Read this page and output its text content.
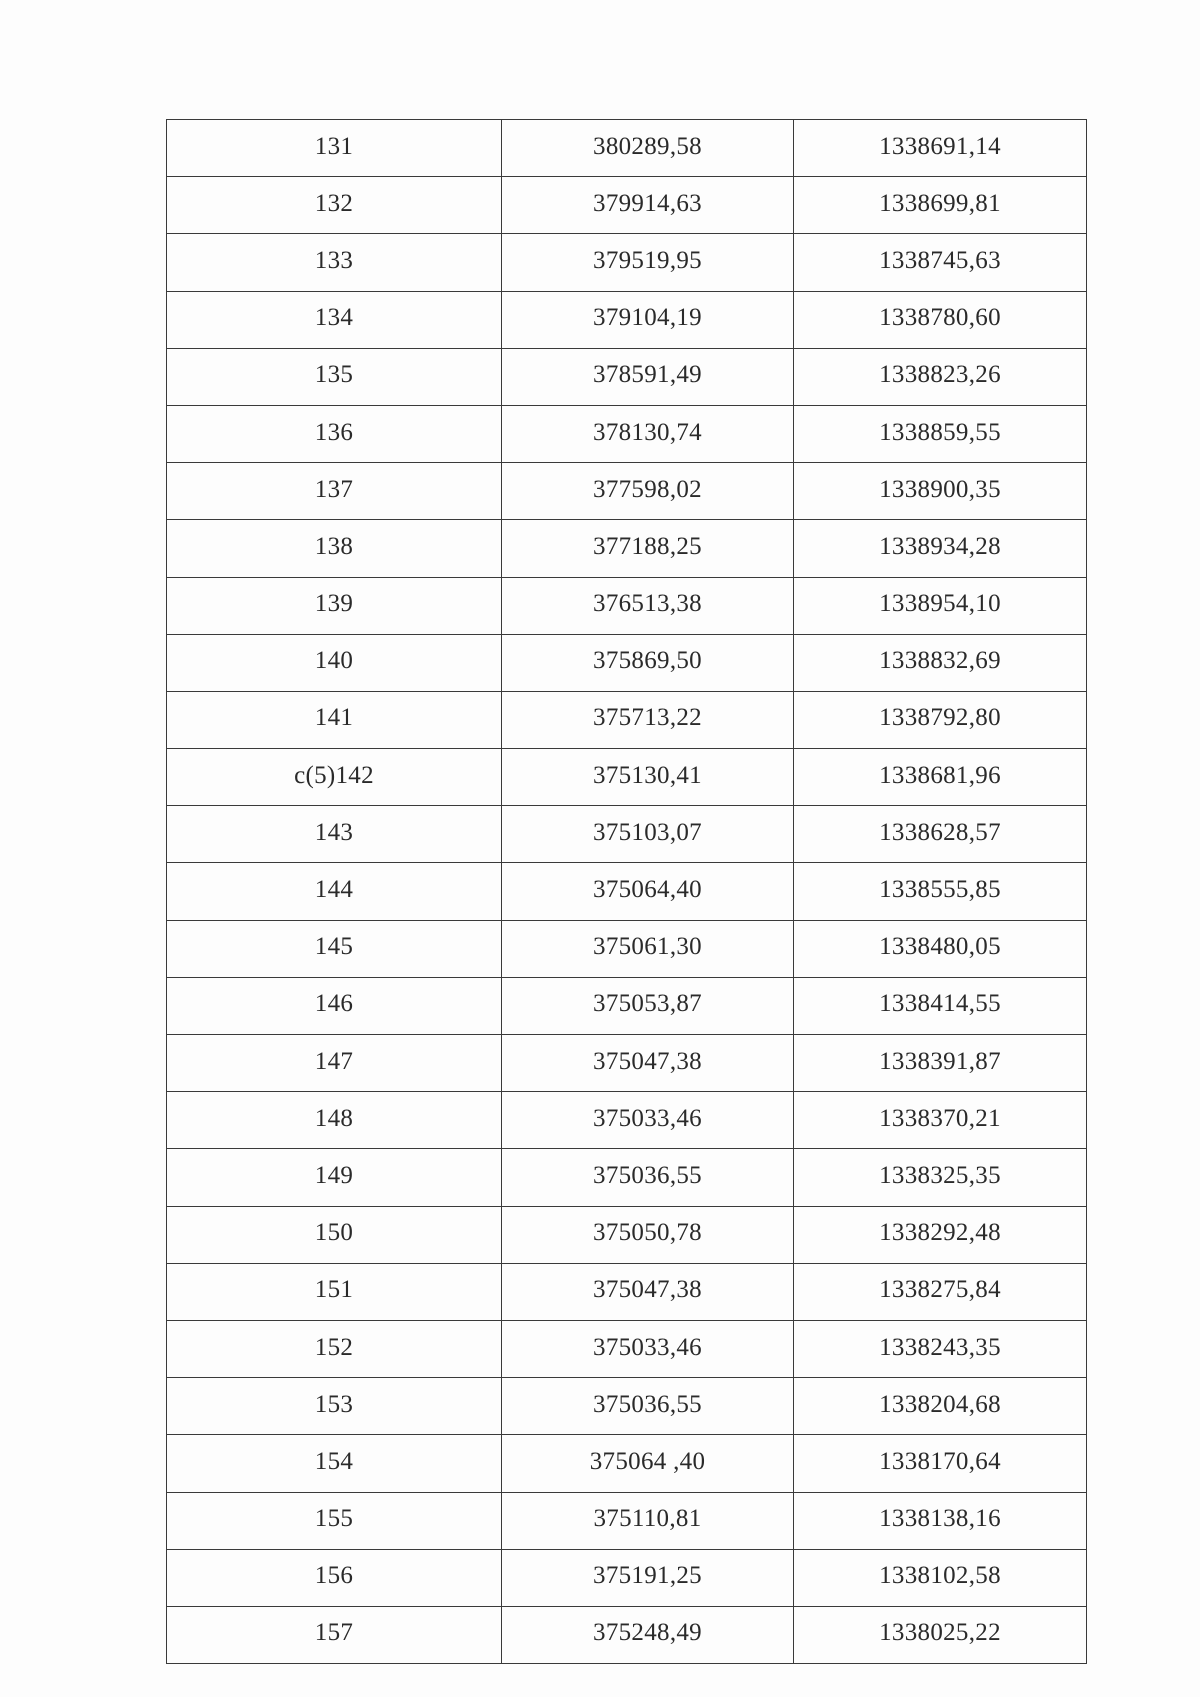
131	380289,58	1338691,14
132	379914,63	1338699,81
133	379519,95	1338745,63
134	379104,19	1338780,60
135	378591,49	1338823,26
136	378130,74	1338859,55
137	377598,02	1338900,35
138	377188,25	1338934,28
139	376513,38	1338954,10
140	375869,50	1338832,69
141	375713,22	1338792,80
c(5)142	375130,41	1338681,96
143	375103,07	1338628,57
144	375064,40	1338555,85
145	375061,30	1338480,05
146	375053,87	1338414,55
147	375047,38	1338391,87
148	375033,46	1338370,21
149	375036,55	1338325,35
150	375050,78	1338292,48
151	375047,38	1338275,84
152	375033,46	1338243,35
153	375036,55	1338204,68
154	375064 ,40	1338170,64
155	375110,81	1338138,16
156	375191,25	1338102,58
157	375248,49	1338025,22
